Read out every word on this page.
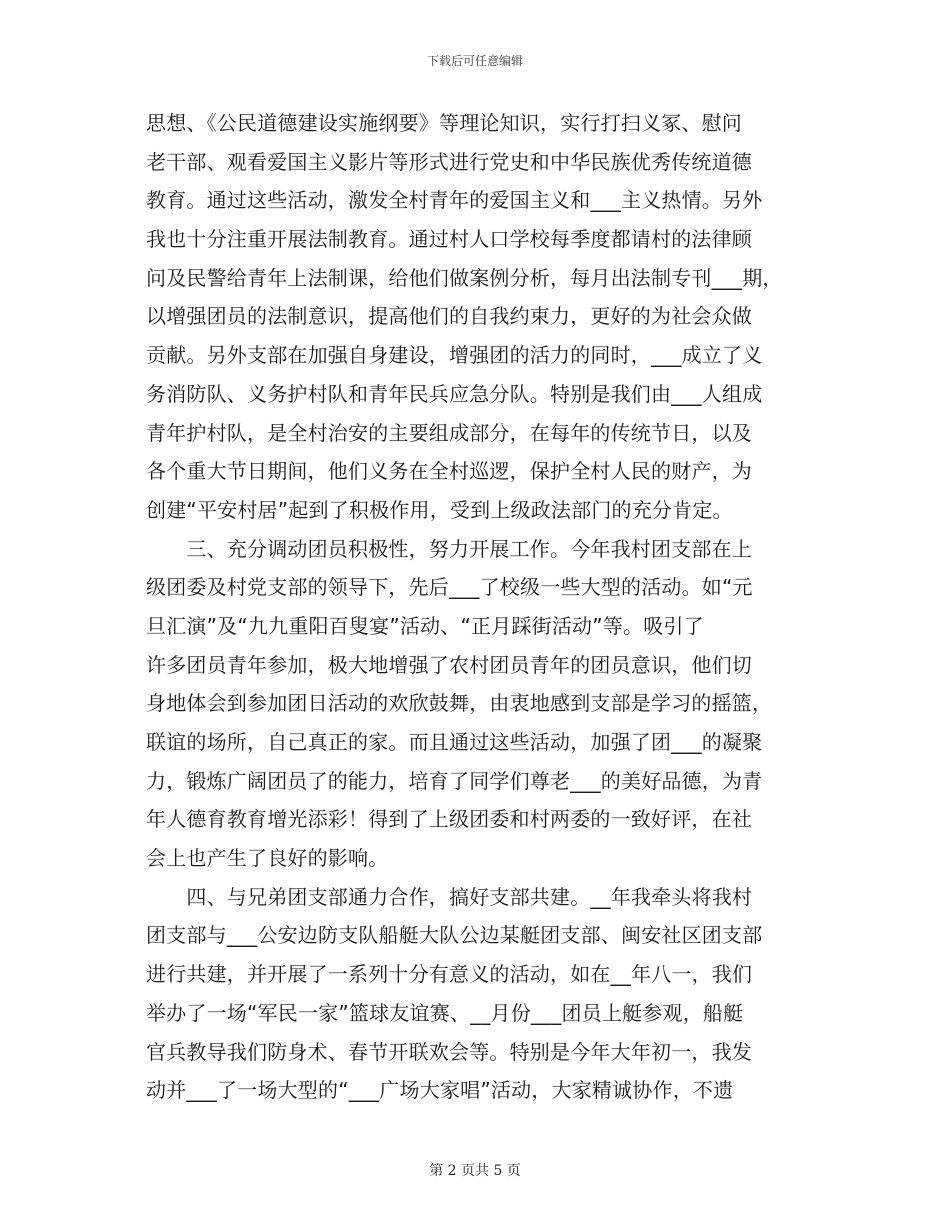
下载后可任意编辑
思想、《公民道德建设实施纲要》等理论知识，实行打扫义冢、慰问
老干部、观看爱国主义影片等形式进行党史和中华民族优秀传统道德
教育。通过这些活动，激发全村青年的爱国主义和___主义热情。另外
我也十分注重开展法制教育。通过村人口学校每季度都请村的法律顾
问及民警给青年上法制课，给他们做案例分析，每月出法制专刊___期，
以增强团员的法制意识，提高他们的自我约束力，更好的为社会众做
贡献。另外支部在加强自身建设，增强团的活力的同时，___成立了义
务消防队、义务护村队和青年民兵应急分队。特别是我们由___人组成
青年护村队，是全村治安的主要组成部分，在每年的传统节日，以及
各个重大节日期间，他们义务在全村巡逻，保护全村人民的财产，为
创建“平安村居”起到了积极作用，受到上级政法部门的充分肯定。
　　三、充分调动团员积极性，努力开展工作。今年我村团支部在上
级团委及村党支部的领导下，先后___了校级一些大型的活动。如“元
旦汇演”及“九九重阳百叟宴”活动、“正月踩街活动”等。吸引了
许多团员青年参加，极大地增强了农村团员青年的团员意识，他们切
身地体会到参加团日活动的欢欣鼓舞，由衷地感到支部是学习的摇篮，
联谊的场所，自己真正的家。而且通过这些活动，加强了团___的凝聚
力，锻炼广阔团员了的能力，培育了同学们尊老___的美好品德，为青
年人德育教育增光添彩！得到了上级团委和村两委的一致好评，在社
会上也产生了良好的影响。
　　四、与兄弟团支部通力合作，搞好支部共建。__年我牵头将我村
团支部与___公安边防支队船艇大队公边某艇团支部、闽安社区团支部
进行共建，并开展了一系列十分有意义的活动，如在__年八一，我们
举办了一场“军民一家”篮球友谊赛、__月份___团员上艇参观，船艇
官兵教导我们防身术、春节开联欢会等。特别是今年大年初一，我发
动并___了一场大型的“___广场大家唱”活动，大家精诚协作，不遗
第 2 页共 5 页
